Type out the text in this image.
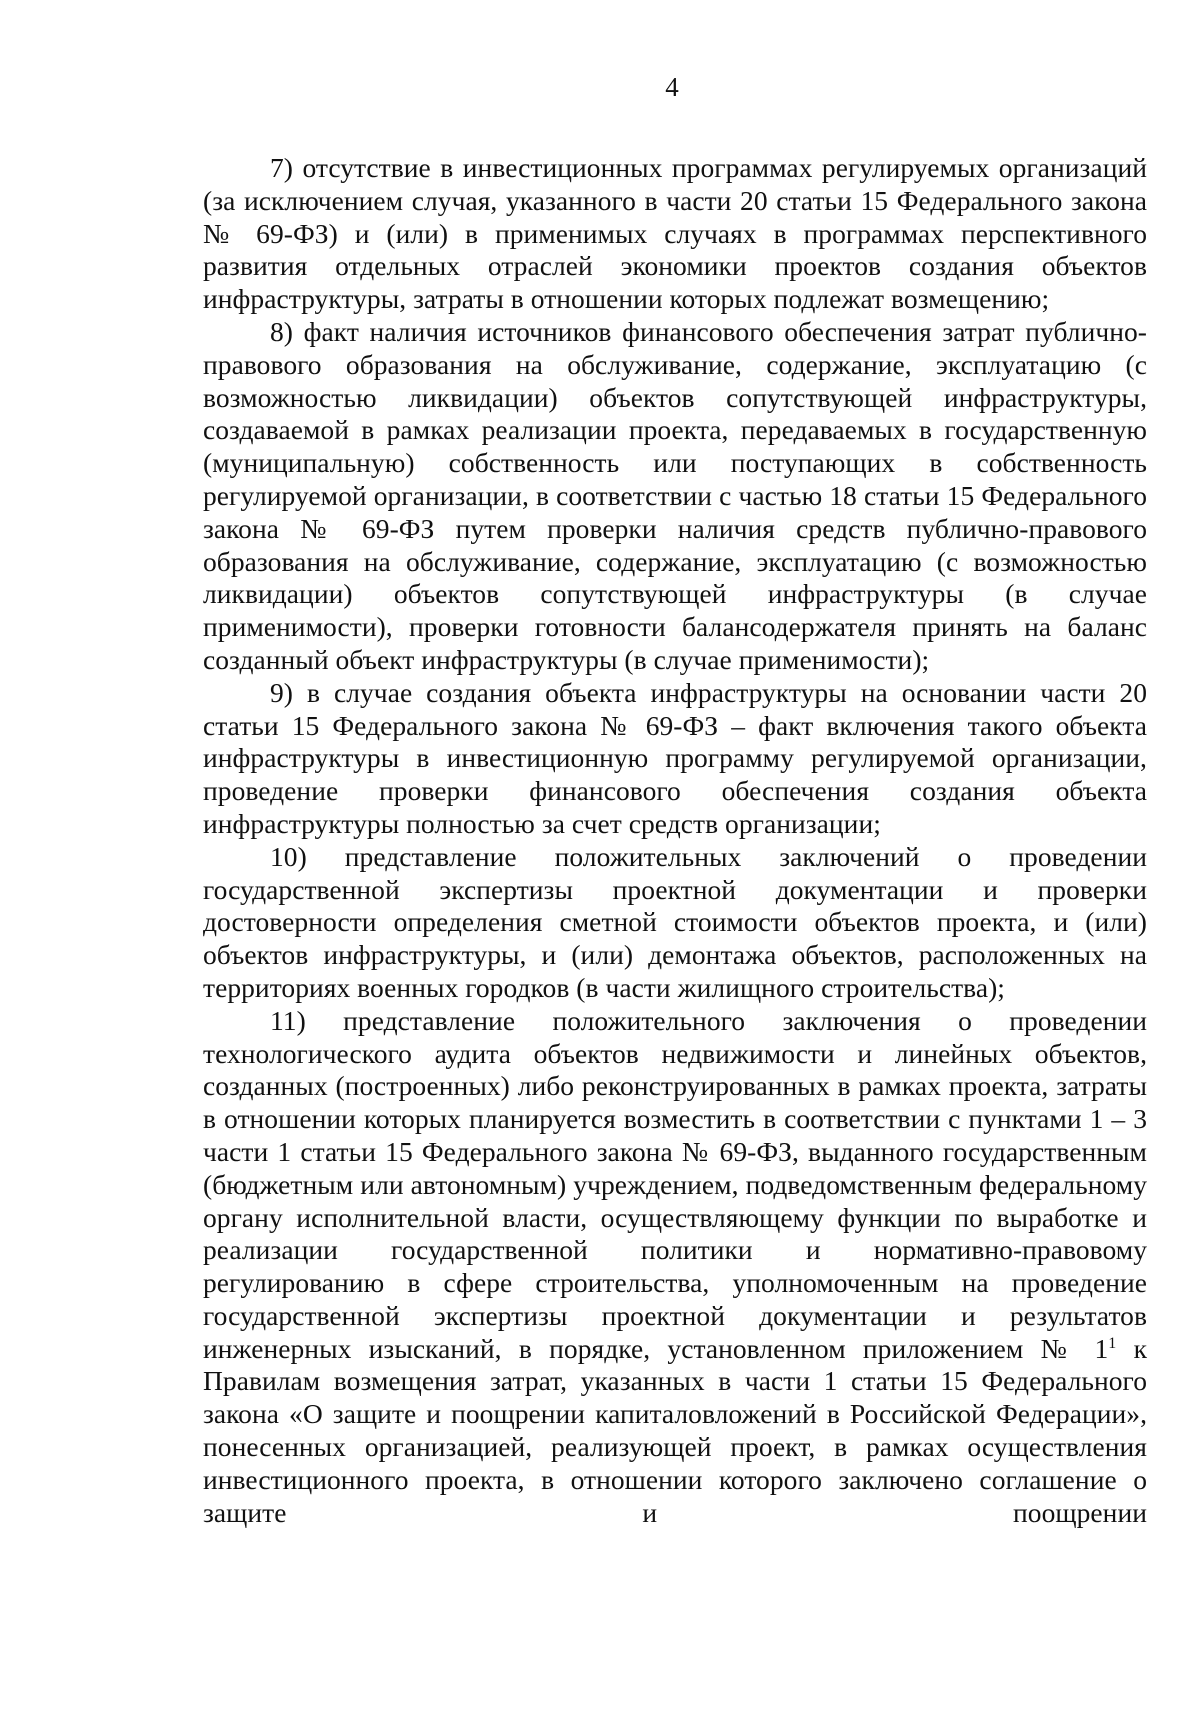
4

7) отсутствие в инвестиционных программах регулируемых организаций (за исключением случая, указанного в части 20 статьи 15 Федерального закона № 69-ФЗ) и (или) в применимых случаях в программах перспективного развития отдельных отраслей экономики проектов создания объектов инфраструктуры, затраты в отношении которых подлежат возмещению;

8) факт наличия источников финансового обеспечения затрат публично-правового образования на обслуживание, содержание, эксплуатацию (с возможностью ликвидации) объектов сопутствующей инфраструктуры, создаваемой в рамках реализации проекта, передаваемых в государственную (муниципальную) собственность или поступающих в собственность регулируемой организации, в соответствии с частью 18 статьи 15 Федерального закона № 69-ФЗ путем проверки наличия средств публично-правового образования на обслуживание, содержание, эксплуатацию (с возможностью ликвидации) объектов сопутствующей инфраструктуры (в случае применимости), проверки готовности балансодержателя принять на баланс созданный объект инфраструктуры (в случае применимости);

9) в случае создания объекта инфраструктуры на основании части 20 статьи 15 Федерального закона № 69-ФЗ – факт включения такого объекта инфраструктуры в инвестиционную программу регулируемой организации, проведение проверки финансового обеспечения создания объекта инфраструктуры полностью за счет средств организации;

10) представление положительных заключений о проведении государственной экспертизы проектной документации и проверки достоверности определения сметной стоимости объектов проекта, и (или) объектов инфраструктуры, и (или) демонтажа объектов, расположенных на территориях военных городков (в части жилищного строительства);

11) представление положительного заключения о проведении технологического аудита объектов недвижимости и линейных объектов, созданных (построенных) либо реконструированных в рамках проекта, затраты в отношении которых планируется возместить в соответствии с пунктами 1 – 3 части 1 статьи 15 Федерального закона № 69-ФЗ, выданного государственным (бюджетным или автономным) учреждением, подведомственным федеральному органу исполнительной власти, осуществляющему функции по выработке и реализации государственной политики и нормативно-правовому регулированию в сфере строительства, уполномоченным на проведение государственной экспертизы проектной документации и результатов инженерных изысканий, в порядке, установленном приложением № $1^1$ к Правилам возмещения затрат, указанных в части 1 статьи 15 Федерального закона «О защите и поощрении капиталовложений в Российской Федерации», понесенных организацией, реализующей проект, в рамках осуществления инвестиционного проекта, в отношении которого заключено соглашение о защите и поощрении
